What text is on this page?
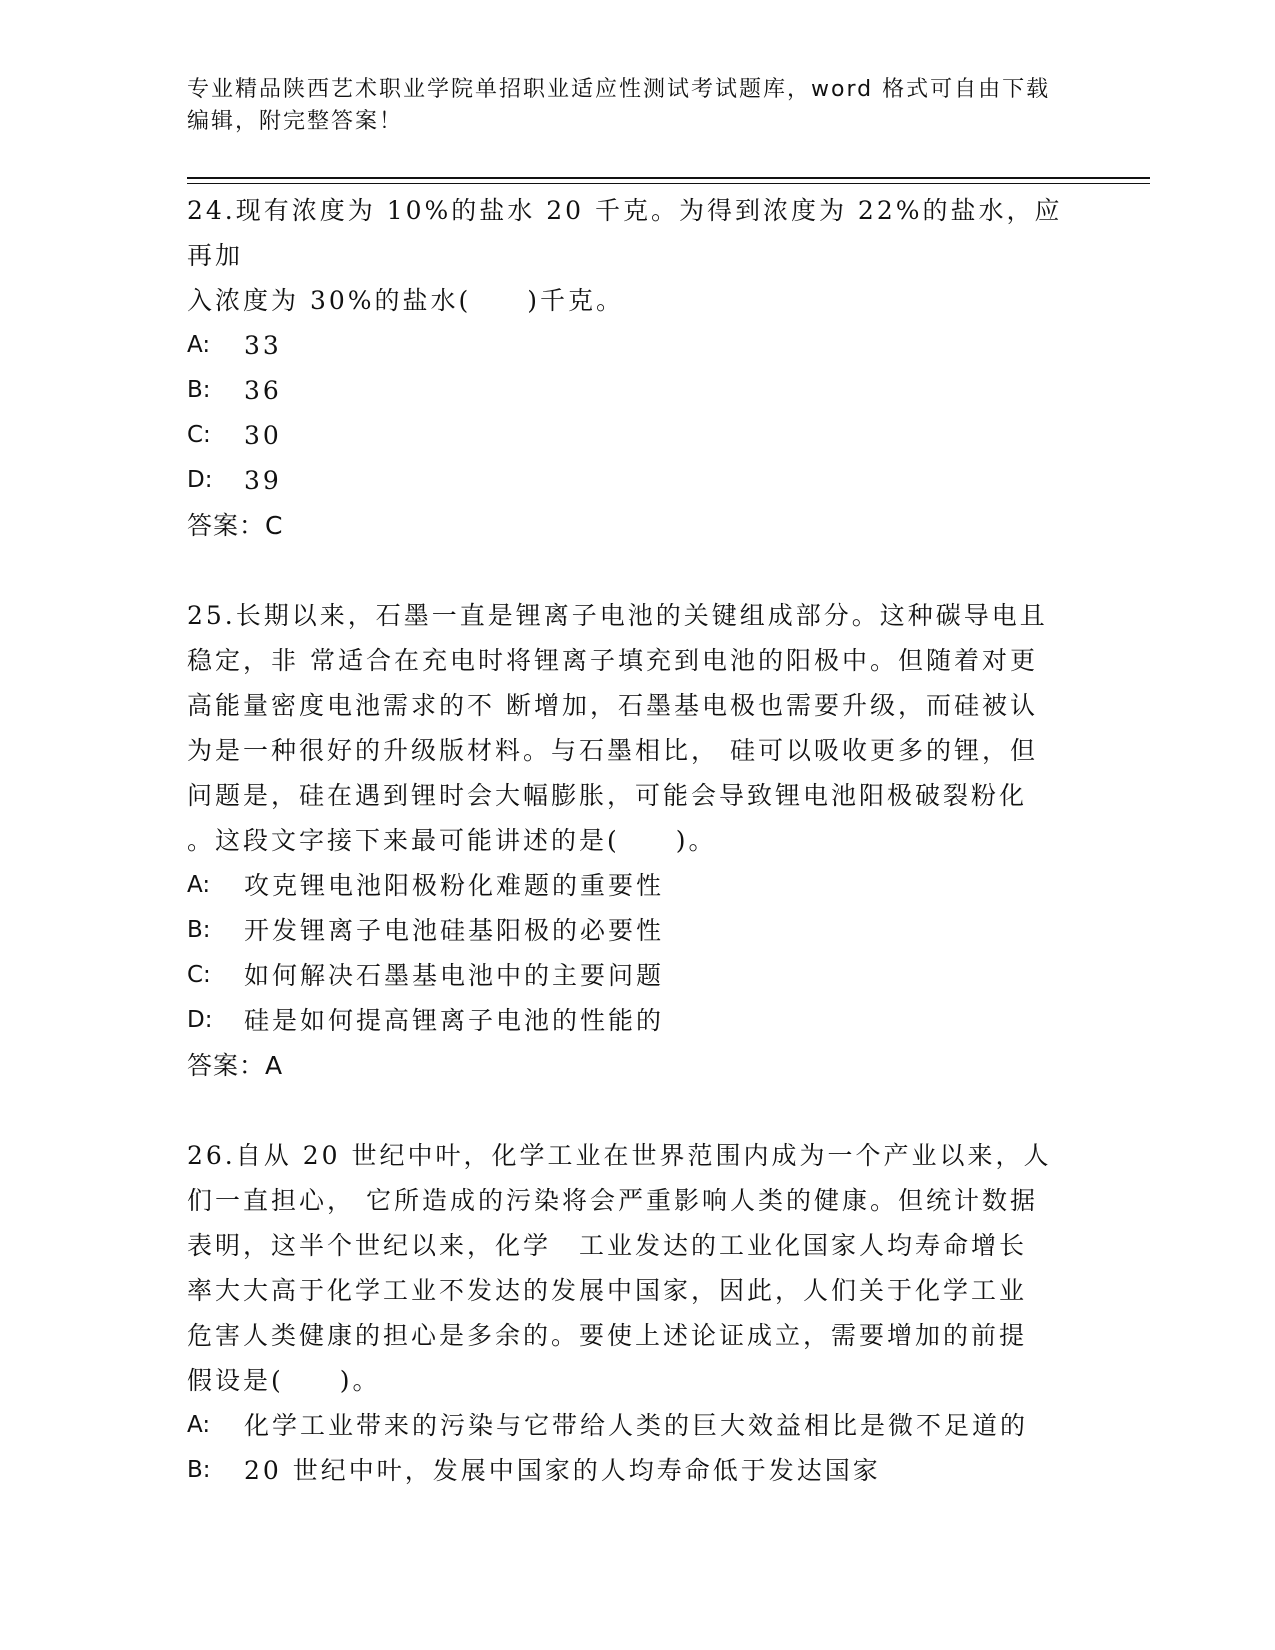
专业精品陕西艺术职业学院单招职业适应性测试考试题库，word 格式可自由下载
编辑，附完整答案！

24.现有浓度为 10%的盐水 20 千克。为得到浓度为 22%的盐水，应再加

入浓度为 30%的盐水(　　)千克。

A:	33
B:	36
C:	30
D:	39

答案：C

25.长期以来，石墨一直是锂离子电池的关键组成部分。这种碳导电且

稳定，非 常适合在充电时将锂离子填充到电池的阳极中。但随着对更

高能量密度电池需求的不 断增加，石墨基电极也需要升级，而硅被认

为是一种很好的升级版材料。与石墨相比， 硅可以吸收更多的锂，但

问题是，硅在遇到锂时会大幅膨胀，可能会导致锂电池阳极破裂粉化

。这段文字接下来最可能讲述的是(　　)。

A:	攻克锂电池阳极粉化难题的重要性
B:	开发锂离子电池硅基阳极的必要性
C:	如何解决石墨基电池中的主要问题
D:	硅是如何提高锂离子电池的性能的

答案：A

26.自从 20 世纪中叶，化学工业在世界范围内成为一个产业以来，人

们一直担心， 它所造成的污染将会严重影响人类的健康。但统计数据

表明，这半个世纪以来，化学　工业发达的工业化国家人均寿命增长

率大大高于化学工业不发达的发展中国家，因此，人们关于化学工业

危害人类健康的担心是多余的。要使上述论证成立，需要增加的前提

假设是(　　)。

A:	化学工业带来的污染与它带给人类的巨大效益相比是微不足道的
B:	20 世纪中叶，发展中国家的人均寿命低于发达国家
